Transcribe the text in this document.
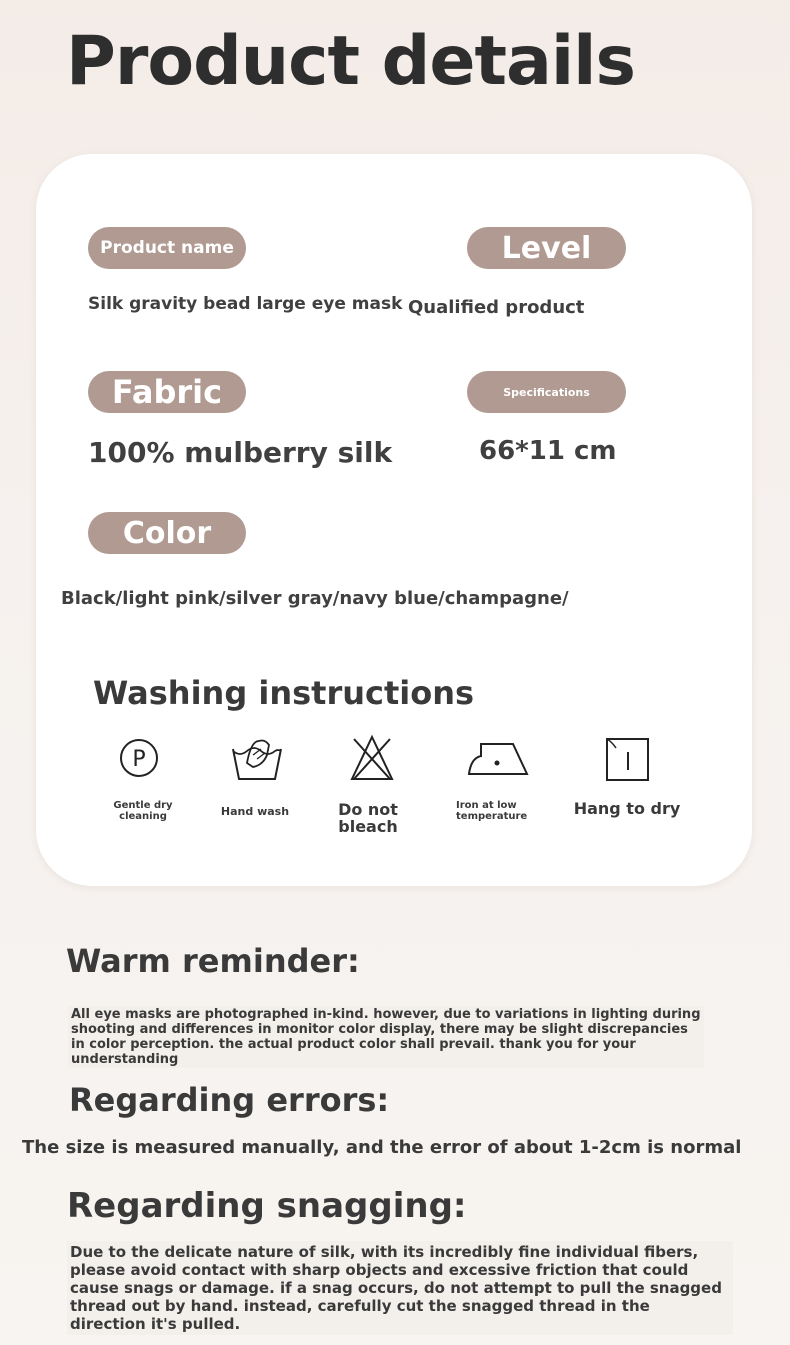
Product details
Product name
Silk gravity bead large eye mask
Level
Qualified product
Fabric
100% mulberry silk
Specifications
66*11 cm
Color
Black/light pink/silver gray/navy blue/champagne/
Washing instructions
P
Gentle dry cleaning	Hand wash	Do not bleach
Iron at low temperature	Hang to dry
Warm reminder:
All eye masks are photographed in-kind. however, due to variations in lighting during shooting and differences in monitor color display, there may be slight discrepancies in color perception. the actual product color shall prevail. thank you for your understanding
Regarding errors:
The size is measured manually, and the error of about 1-2cm is normal
Regarding snagging:
Due to the delicate nature of silk, with its incredibly fine individual fibers, please avoid contact with sharp objects and excessive friction that could cause snags or damage. if a snag occurs, do not attempt to pull the snagged thread out by hand. instead, carefully cut the snagged thread in the direction it's pulled.
